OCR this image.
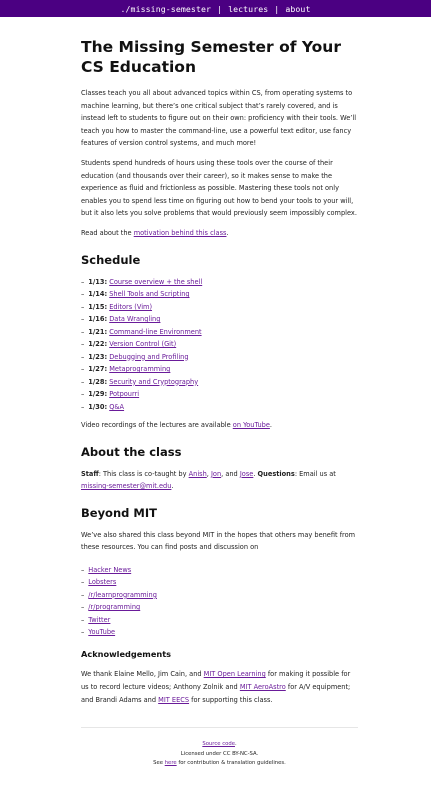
./missing-semester | lectures | about
The Missing Semester of Your CS Education

Classes teach you all about advanced topics within CS, from operating systems to machine learning, but there’s one critical subject that’s rarely covered, and is instead left to students to figure out on their own: proficiency with their tools. We’ll teach you how to master the command-line, use a powerful text editor, use fancy features of version control systems, and much more!

Students spend hundreds of hours using these tools over the course of their education (and thousands over their career), so it makes sense to make the experience as fluid and frictionless as possible. Mastering these tools not only enables you to spend less time on figuring out how to bend your tools to your will, but it also lets you solve problems that would previously seem impossibly complex.

Read about the motivation behind this class.

Schedule
– 1/13: Course overview + the shell
– 1/14: Shell Tools and Scripting
– 1/15: Editors (Vim)
– 1/16: Data Wrangling
– 1/21: Command-line Environment
– 1/22: Version Control (Git)
– 1/23: Debugging and Profiling
– 1/27: Metaprogramming
– 1/28: Security and Cryptography
– 1/29: Potpourri
– 1/30: Q&A

Video recordings of the lectures are available on YouTube.

About the class

Staff: This class is co-taught by Anish, Jon, and Jose. Questions: Email us at missing-semester@mit.edu.

Beyond MIT

We’ve also shared this class beyond MIT in the hopes that others may benefit from these resources. You can find posts and discussion on

– Hacker News
– Lobsters
– /r/learnprogramming
– /r/programming
– Twitter
– YouTube
Acknowledgements

We thank Elaine Mello, Jim Cain, and MIT Open Learning for making it possible for us to record lecture videos; Anthony Zolnik and MIT AeroAstro for A/V equipment; and Brandi Adams and MIT EECS for supporting this class.

Source code.
Licensed under CC BY-NC-SA.
See here for contribution & translation guidelines.
